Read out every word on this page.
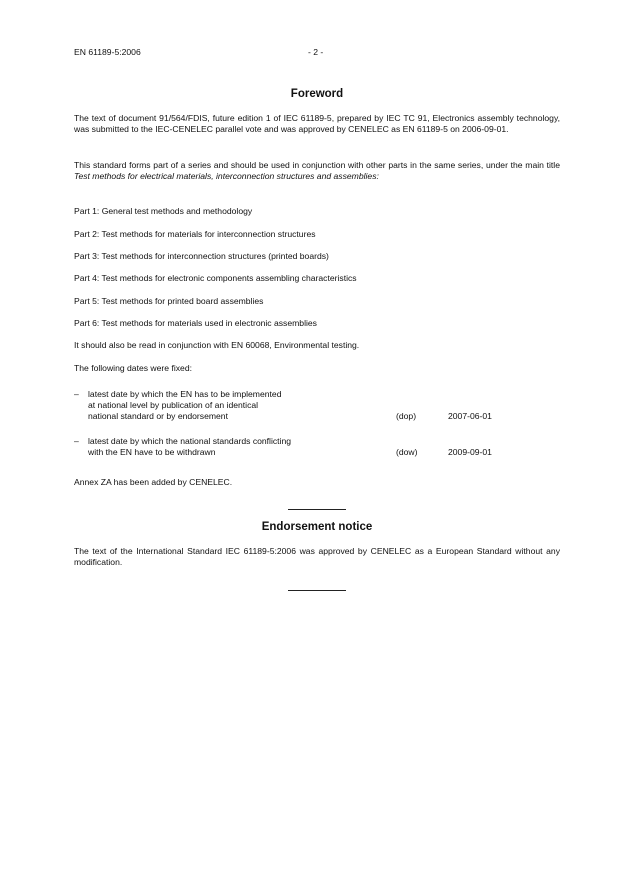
EN 61189-5:2006	- 2 -
Foreword
The text of document 91/564/FDIS, future edition 1 of IEC 61189-5, prepared by IEC TC 91, Electronics assembly technology, was submitted to the IEC-CENELEC parallel vote and was approved by CENELEC as EN 61189-5 on 2006-09-01.
This standard forms part of a series and should be used in conjunction with other parts in the same series, under the main title Test methods for electrical materials, interconnection structures and assemblies:
Part 1: General test methods and methodology
Part 2: Test methods for materials for interconnection structures
Part 3: Test methods for interconnection structures (printed boards)
Part 4: Test methods for electronic components assembling characteristics
Part 5: Test methods for printed board assemblies
Part 6: Test methods for materials used in electronic assemblies
It should also be read in conjunction with EN 60068, Environmental testing.
The following dates were fixed:
– latest date by which the EN has to be implemented
at national level by publication of an identical
national standard or by endorsement	(dop)	2007-06-01
– latest date by which the national standards conflicting
with the EN have to be withdrawn	(dow)	2009-09-01
Annex ZA has been added by CENELEC.
Endorsement notice
The text of the International Standard IEC 61189-5:2006 was approved by CENELEC as a European Standard without any modification.
